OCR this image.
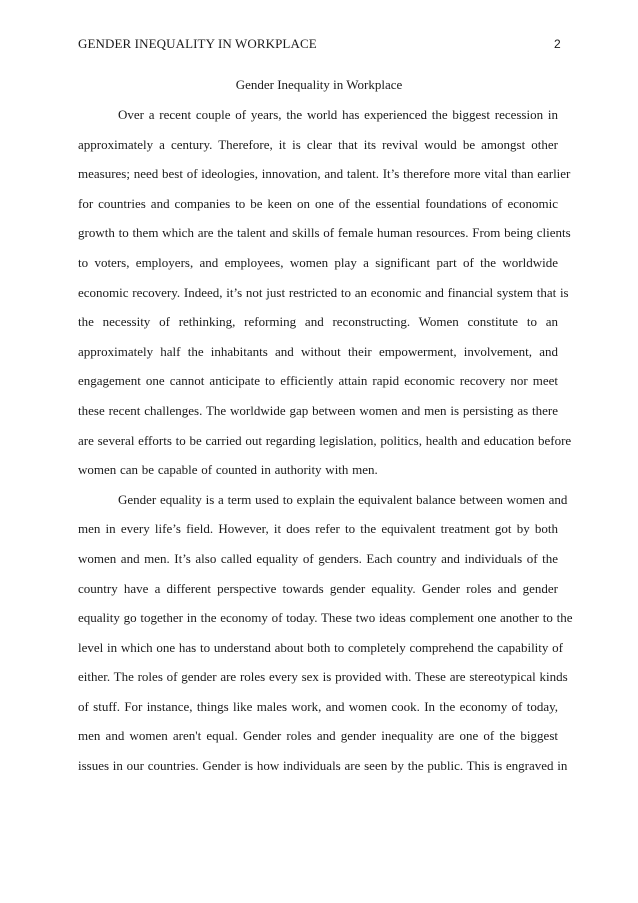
GENDER INEQUALITY IN WORKPLACE	2
Gender Inequality in Workplace
Over a recent couple of years, the world has experienced the biggest recession in
approximately a century. Therefore, it is clear that its revival would be amongst other
measures; need best of ideologies, innovation, and talent. It’s therefore more vital than earlier
for countries and companies to be keen on one of the essential foundations of economic
growth to them which are the talent and skills of female human resources. From being clients
to voters, employers, and employees, women play a significant part of the worldwide
economic recovery. Indeed, it’s not just restricted to an economic and financial system that is
the necessity of rethinking, reforming and reconstructing. Women constitute to an
approximately half the inhabitants and without their empowerment, involvement, and
engagement one cannot anticipate to efficiently attain rapid economic recovery nor meet
these recent challenges. The worldwide gap between women and men is persisting as there
are several efforts to be carried out regarding legislation, politics, health and education before
women can be capable of counted in authority with men.
Gender equality is a term used to explain the equivalent balance between women and
men in every life’s field. However, it does refer to the equivalent treatment got by both
women and men. It’s also called equality of genders. Each country and individuals of the
country have a different perspective towards gender equality. Gender roles and gender
equality go together in the economy of today. These two ideas complement one another to the
level in which one has to understand about both to completely comprehend the capability of
either. The roles of gender are roles every sex is provided with. These are stereotypical kinds
of stuff. For instance, things like males work, and women cook. In the economy of today,
men and women aren't equal. Gender roles and gender inequality are one of the biggest
issues in our countries. Gender is how individuals are seen by the public. This is engraved in
